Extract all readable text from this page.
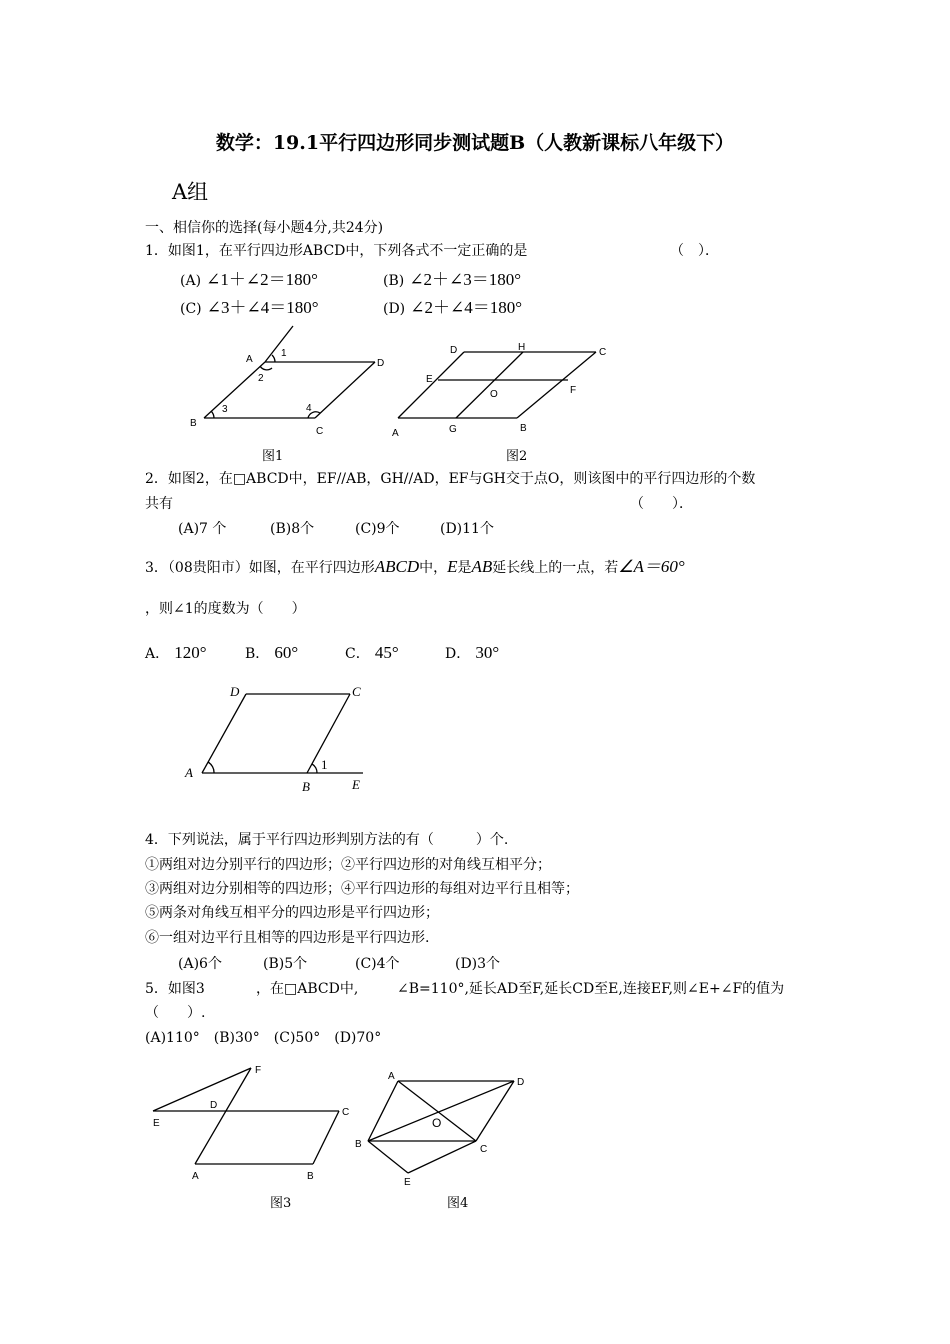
数学：19.1平行四边形同步测试题B（人教新课标八年级下）
A组
一、相信你的选择(每小题4分,共24分)
1．如图1，在平行四边形ABCD中，下列各式不一定正确的是	（　）．
(A) ∠1＋∠2＝180°	(B) ∠2＋∠3＝180°
(C) ∠3＋∠4＝180°	(D) ∠2＋∠4＝180°
A
B
C
D
1
2
3	4
图1
A	B
C
D
E
F
G
H
O
图2
2．如图2，在□ABCD中，EF//AB，GH//AD，EF与GH交于点O，则该图中的平行四边形的个数
共有	（　　）．
(A)7 个	(B)8个	(C)9个	(D)11个
3．（08贵阳市）如图，在平行四边形ABCD中，E是AB延长线上的一点，若∠A＝60°
，则∠1的度数为（　　）
A． 120°	B． 60°	C． 45°	D． 30°
A
B
C
D
E
1
4．下列说法，属于平行四边形判别方法的有（　　　）个.
①两组对边分别平行的四边形；②平行四边形的对角线互相平分；
③两组对边分别相等的四边形；④平行四边形的每组对边平行且相等；
⑤两条对角线互相平分的四边形是平行四边形；
⑥一组对边平行且相等的四边形是平行四边形.
(A)6个	(B)5个	(C)4个	(D)3个
5．如图3	，在□ABCD中,	∠B=110°,延长AD至F,延长CD至E,连接EF,则∠E+∠F的值为
（　　）.
(A)110°　(B)30°　(C)50°　(D)70°
A	B
C
D
E
F
图3
A
B	C
D
E
O
图4
